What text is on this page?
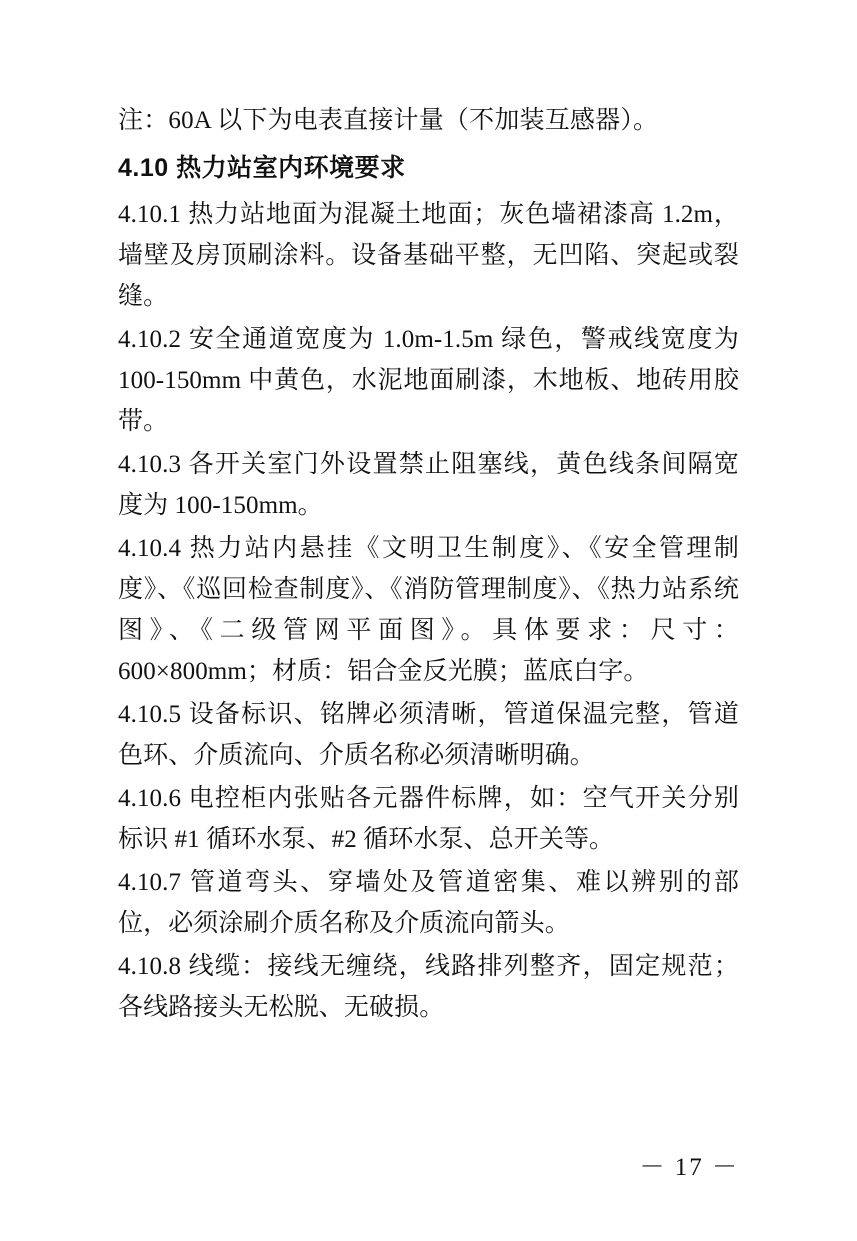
注：60A 以下为电表直接计量（不加装互感器）。

4.10 热力站室内环境要求

4.10.1 热力站地面为混凝土地面；灰色墙裙漆高 1.2m，墙壁及房顶刷涂料。设备基础平整，无凹陷、突起或裂缝。

4.10.2 安全通道宽度为 1.0m-1.5m 绿色，警戒线宽度为 100-150mm 中黄色，水泥地面刷漆，木地板、地砖用胶带。

4.10.3 各开关室门外设置禁止阻塞线，黄色线条间隔宽度为 100-150mm。

4.10.4 热力站内悬挂《文明卫生制度》、《安全管理制度》、《巡回检查制度》、《消防管理制度》、《热力站系统图》、《二级管网平面图》。具体要求：尺寸：600×800mm；材质：铝合金反光膜；蓝底白字。

4.10.5 设备标识、铭牌必须清晰，管道保温完整，管道色环、介质流向、介质名称必须清晰明确。

4.10.6 电控柜内张贴各元器件标牌，如：空气开关分别标识 #1 循环水泵、#2 循环水泵、总开关等。

4.10.7 管道弯头、穿墙处及管道密集、难以辨别的部位，必须涂刷介质名称及介质流向箭头。

4.10.8 线缆：接线无缠绕，线路排列整齐，固定规范；各线路接头无松脱、无破损。

－ 17 －
